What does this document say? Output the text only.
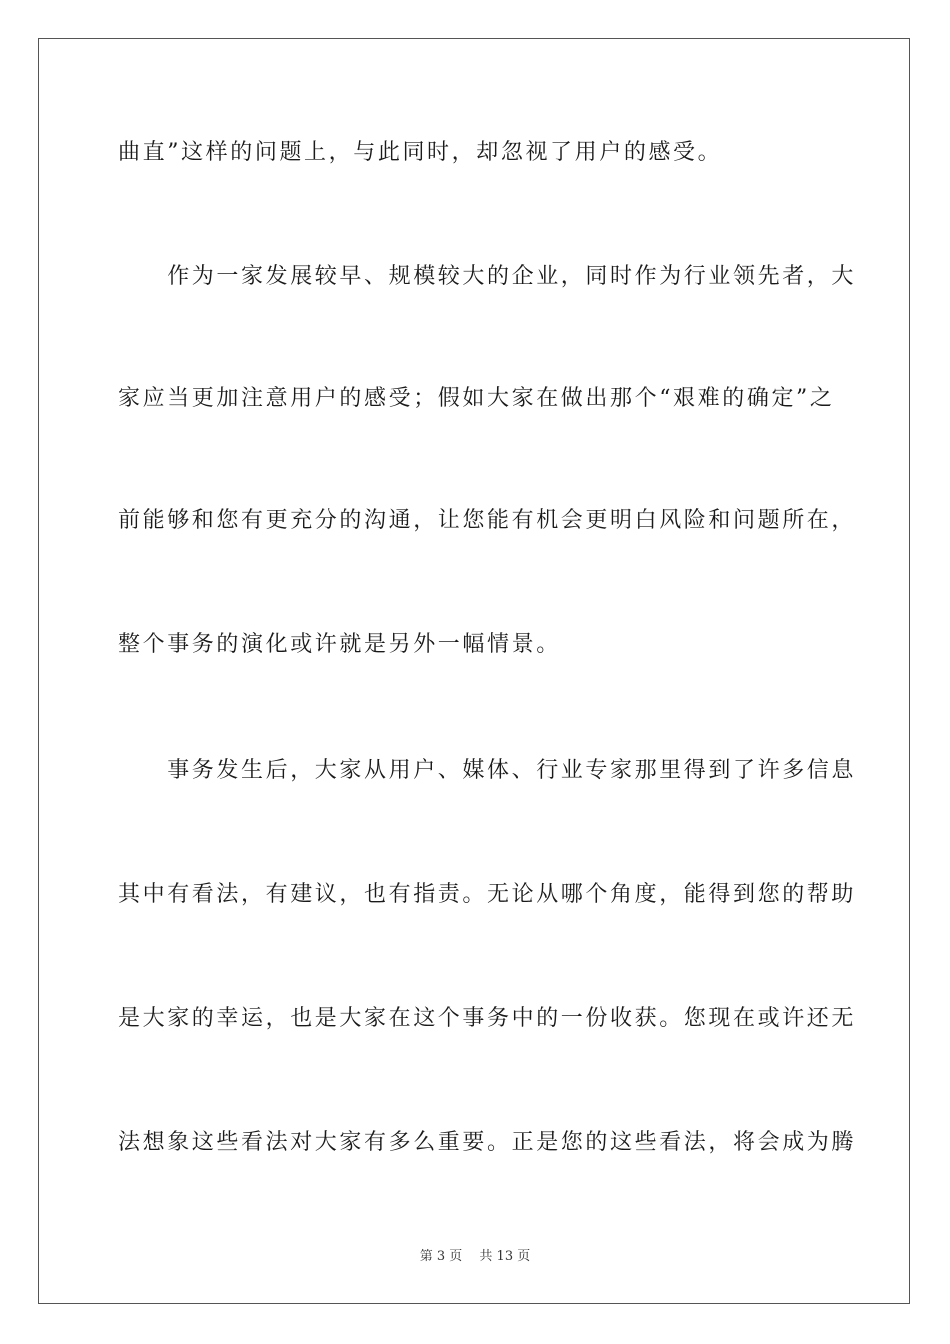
曲直”这样的问题上，与此同时，却忽视了用户的感受。

　　作为一家发展较早、规模较大的企业，同时作为行业领先者，大

家应当更加注意用户的感受；假如大家在做出那个“艰难的确定”之

前能够和您有更充分的沟通，让您能有机会更明白风险和问题所在，

整个事务的演化或许就是另外一幅情景。

　　事务发生后，大家从用户、媒体、行业专家那里得到了许多信息

其中有看法，有建议，也有指责。无论从哪个角度，能得到您的帮助

是大家的幸运，也是大家在这个事务中的一份收获。您现在或许还无

法想象这些看法对大家有多么重要。正是您的这些看法，将会成为腾

第 3 页　 共 13 页
